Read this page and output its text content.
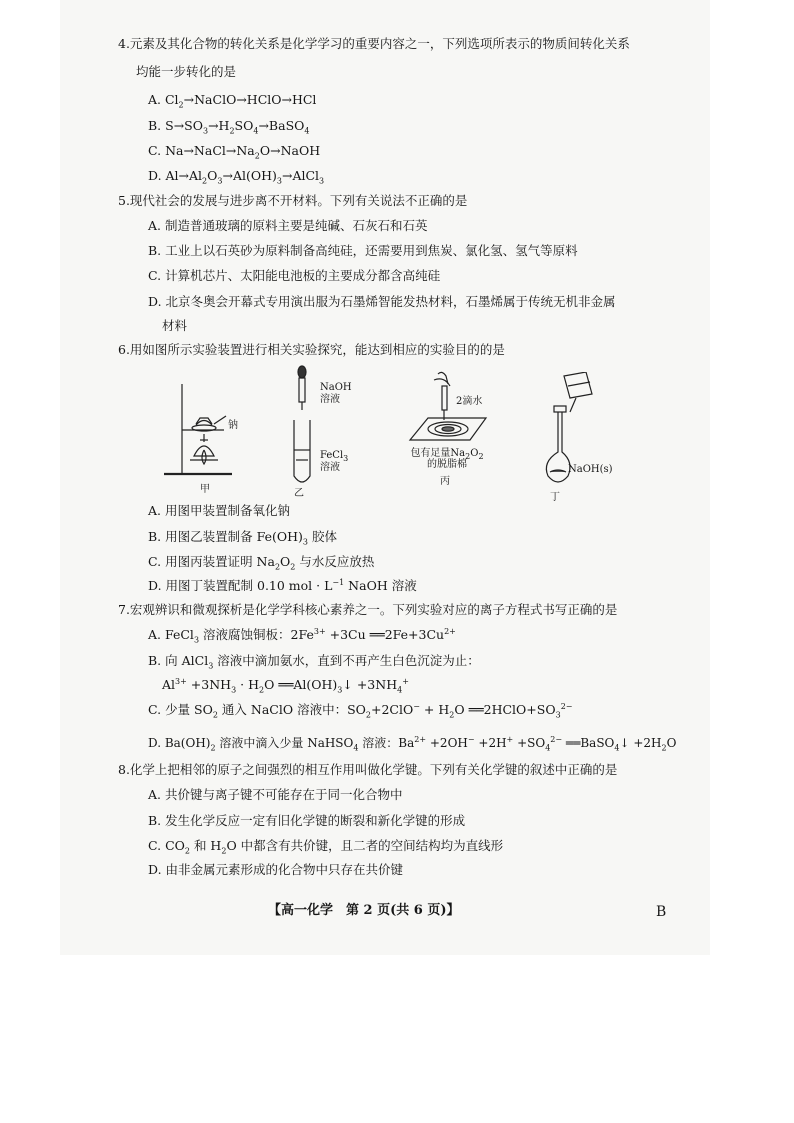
4.元素及其化合物的转化关系是化学学习的重要内容之一，下列选项所表示的物质间转化关系
均能一步转化的是
A. $Cl_2\to NaClO\to HClO\to HCl$
B. $S\to SO_3\to H_2SO_4\to BaSO_4$
C. $Na\to NaCl\to Na_2O\to NaOH$
D. $Al\to Al_2O_3\to Al(OH)_3\to AlCl_3$
5.现代社会的发展与进步离不开材料。下列有关说法不正确的是
A. 制造普通玻璃的原料主要是纯碱、石灰石和石英
B. 工业上以石英砂为原料制备高纯硅，还需要用到焦炭、氯化氢、氢气等原料
C. 计算机芯片、太阳能电池板的主要成分都含高纯硅
D. 北京冬奥会开幕式专用演出服为石墨烯智能发热材料，石墨烯属于传统无机非金属
材料
6.用如图所示实验装置进行相关实验探究，能达到相应的实验目的的是
钠
甲
NaOH
溶液
FeCl$_3$
溶液
乙
2滴水
包有足量$Na_2O_2$
的脱脂棉
丙
NaOH(s)
丁
A. 用图甲装置制备氧化钠
B. 用图乙装置制备 $Fe(OH)_3$ 胶体
C. 用图丙装置证明 $Na_2O_2$ 与水反应放热
D. 用图丁装置配制 0.10 mol · $L^{-1}$ NaOH 溶液
7.宏观辨识和微观探析是化学学科核心素养之一。下列实验对应的离子方程式书写正确的是
A. FeCl$_3$ 溶液腐蚀铜板：$2Fe^{3+} +3Cu$ $══2Fe+3Cu^{2+}$
B. 向 AlCl$_3$ 溶液中滴加氨水，直到不再产生白色沉淀为止：
$Al^{3+} +3NH_3 \cdot H_2O$ $══Al(OH)_3↓ +3NH_4^+$
C. 少量 $SO_2$ 通入 NaClO 溶液中：$SO_2+2ClO^- + H_2O$ $══2HClO+SO_3^{2-}$
D. $Ba(OH)_2$ 溶液中滴入少量 NaHSO$_4$ 溶液：$Ba^{2+} +2OH^- +2H^+ +SO_4^{2-}$ ══BaSO$_4$↓ $+2H_2O$
8.化学上把相邻的原子之间强烈的相互作用叫做化学键。下列有关化学键的叙述中正确的是
A. 共价键与离子键不可能存在于同一化合物中
B. 发生化学反应一定有旧化学键的断裂和新化学键的形成
C. $CO_2$ 和 $H_2O$ 中都含有共价键，且二者的空间结构均为直线形
D. 由非金属元素形成的化合物中只存在共价键
【高一化学　第 2 页(共 6 页)】	B
